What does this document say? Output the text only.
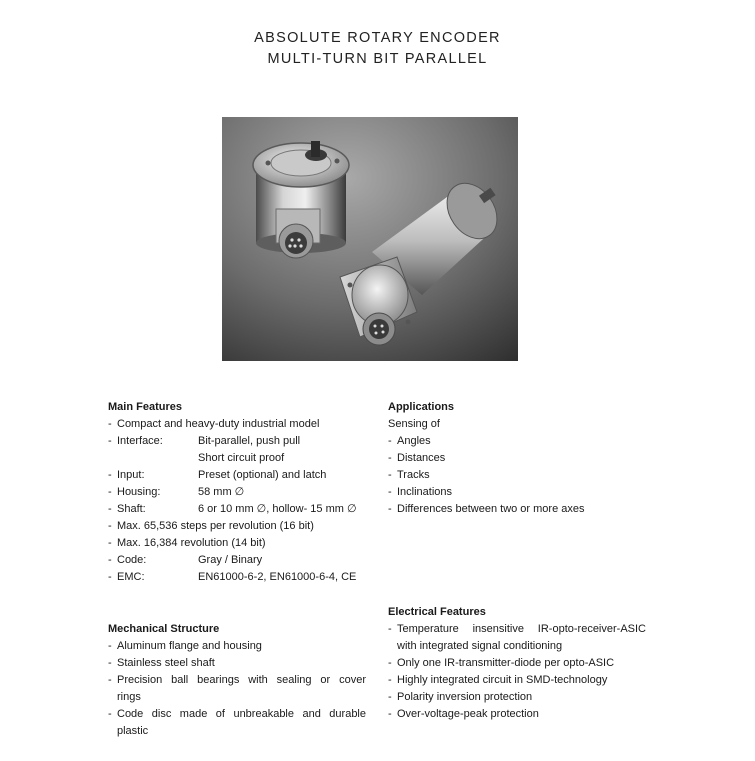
ABSOLUTE ROTARY ENCODER
MULTI-TURN BIT PARALLEL
Main Features
- Compact and heavy-duty industrial model
- Interface:	Bit-parallel, push pull
Short circuit proof
- Input:	Preset (optional) and latch
- Housing:	58 mm ∅
- Shaft:	6 or 10 mm ∅, hollow- 15 mm ∅
- Max. 65,536 steps per revolution (16 bit)
- Max. 16,384 revolution (14 bit)
- Code:	Gray / Binary
- EMC:	EN61000-6-2, EN61000-6-4, CE
Applications
Sensing of
- Angles
- Distances
- Tracks
- Inclinations
- Differences between two or more axes
Mechanical Structure
- Aluminum flange and housing
- Stainless steel shaft
- Precision ball bearings with sealing or cover
rings
- Code disc made of unbreakable and durable
plastic
Electrical Features
- Temperature insensitive IR-opto-receiver-ASIC
with integrated signal conditioning
- Only one IR-transmitter-diode per opto-ASIC
- Highly integrated circuit in SMD-technology
- Polarity inversion protection
- Over-voltage-peak protection
